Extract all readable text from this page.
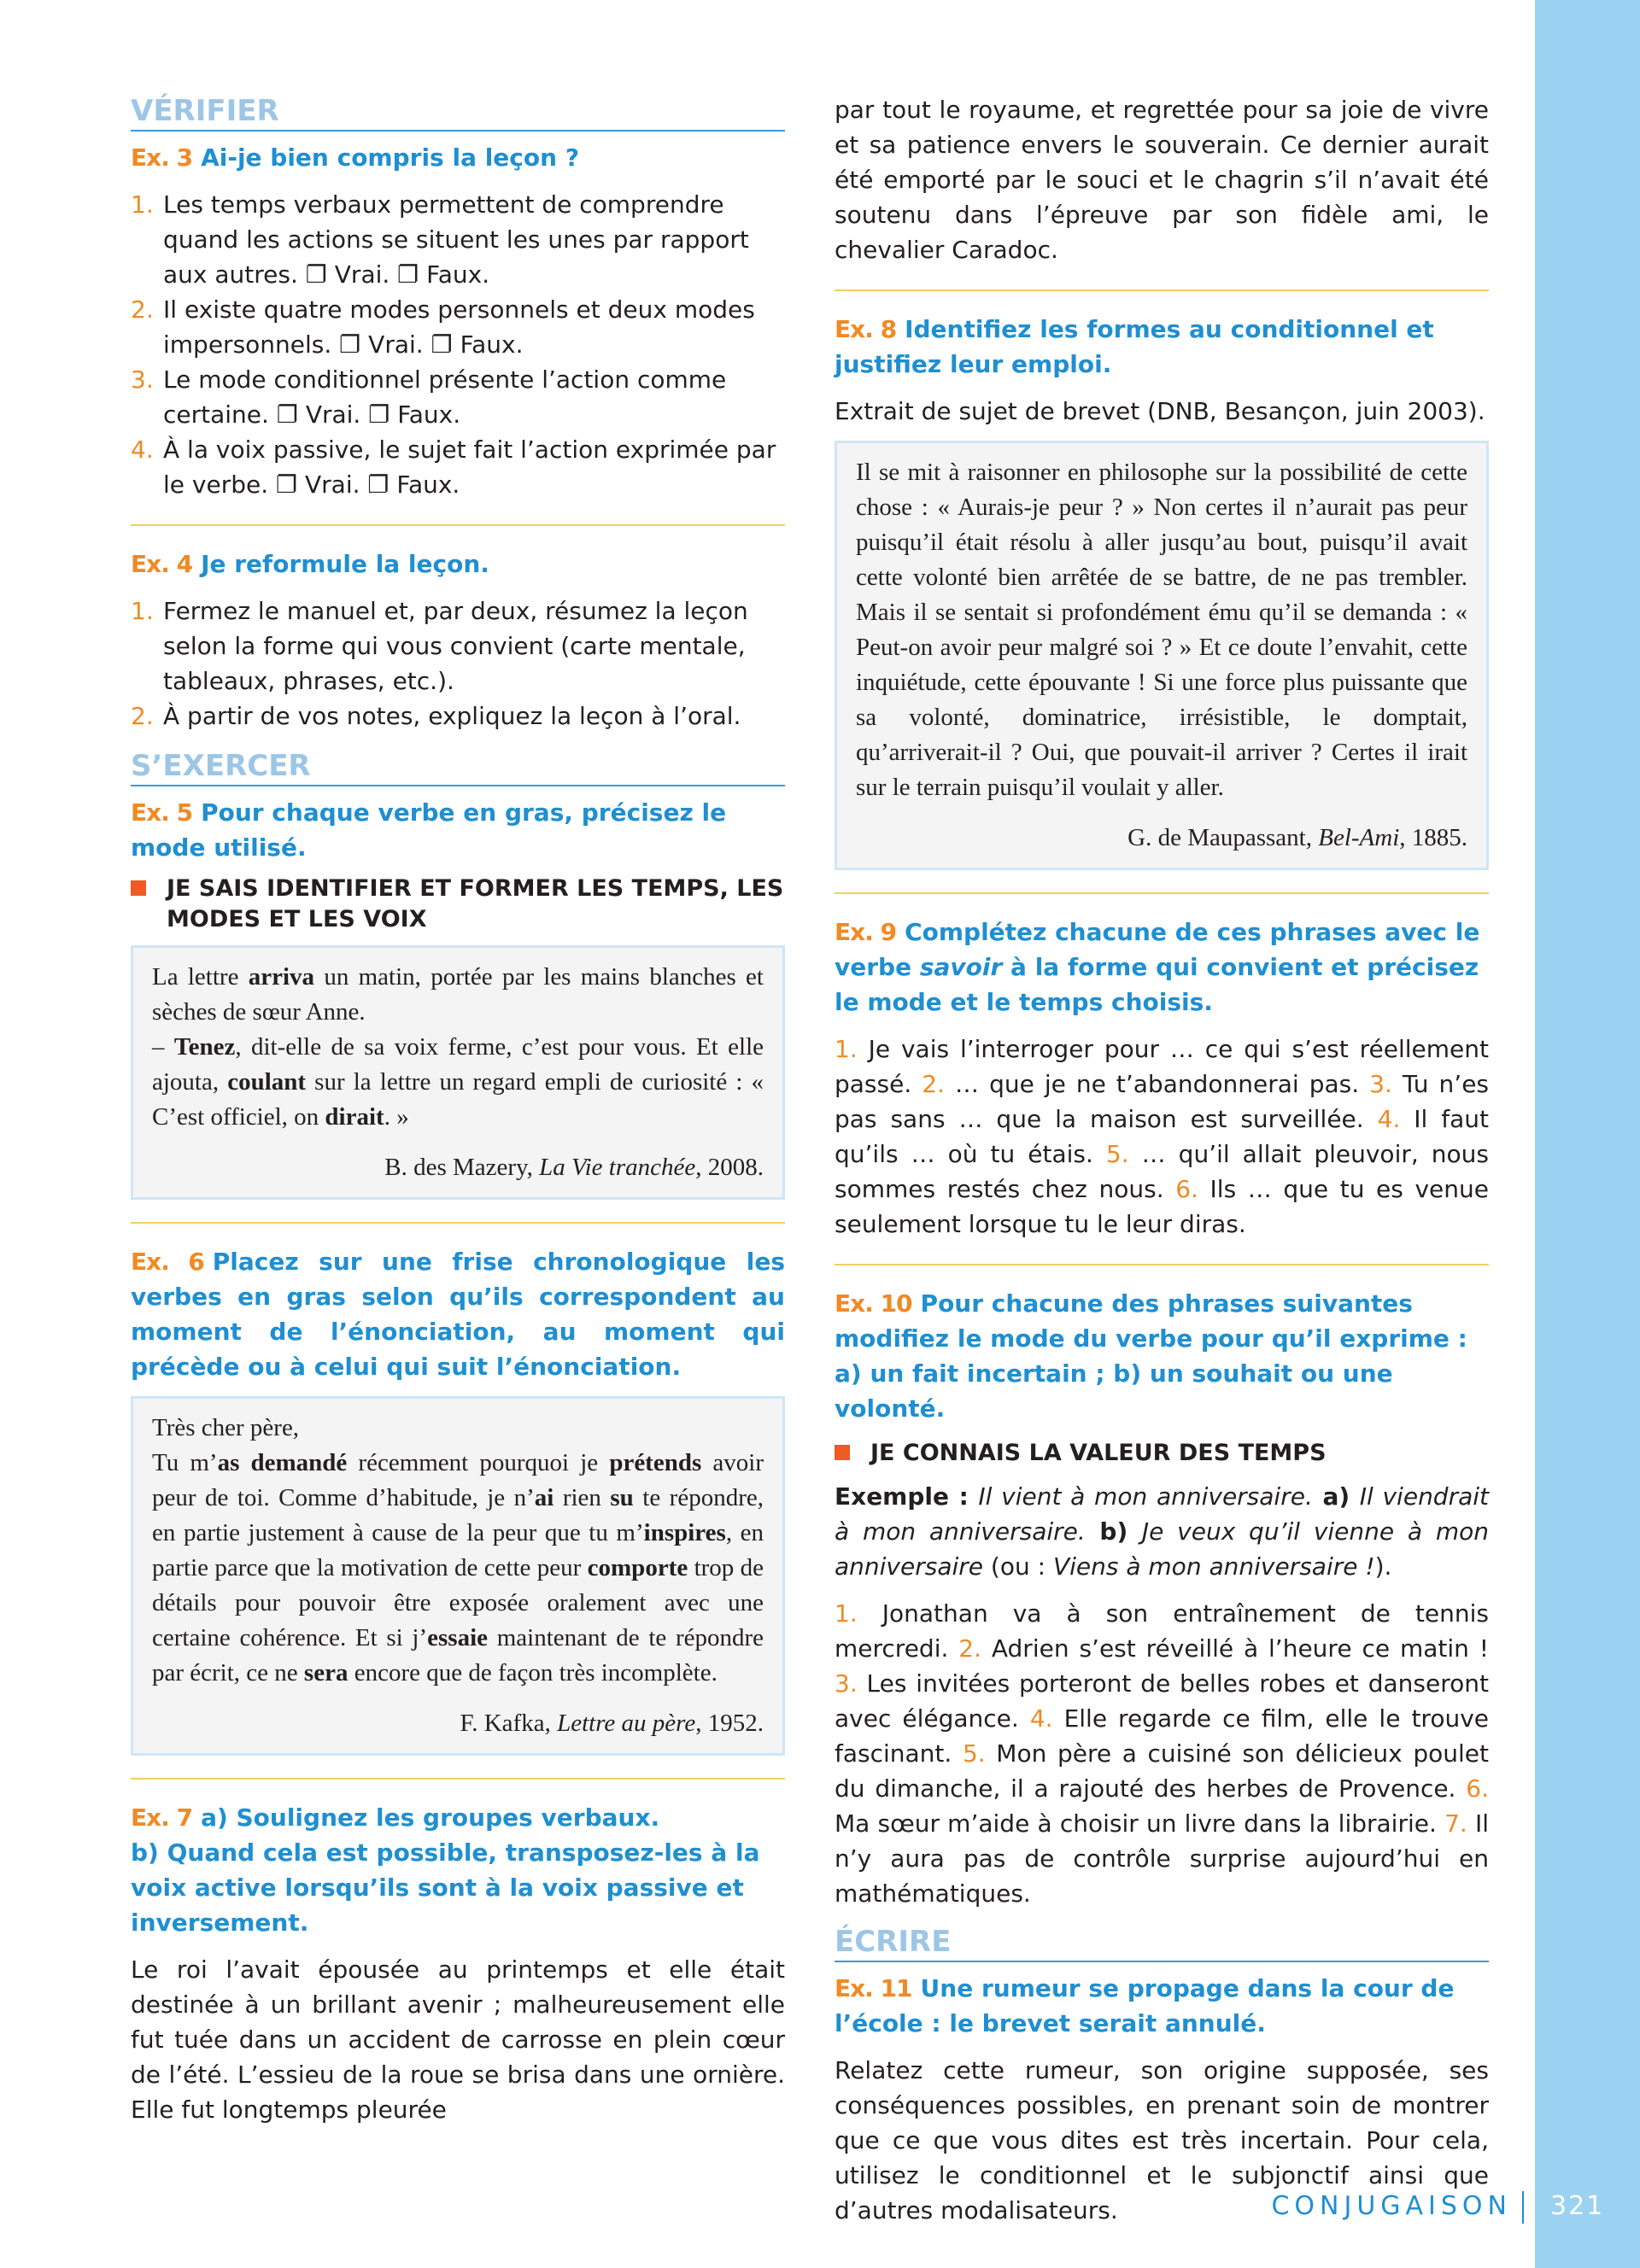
VÉRIFIER
Ex. 3 Ai-je bien compris la leçon ?
1. Les temps verbaux permettent de comprendre quand les actions se situent les unes par rapport aux autres. ❐ Vrai. ❐ Faux.
2. Il existe quatre modes personnels et deux modes impersonnels. ❐ Vrai. ❐ Faux.
3. Le mode conditionnel présente l’action comme certaine. ❐ Vrai. ❐ Faux.
4. À la voix passive, le sujet fait l’action exprimée par le verbe. ❐ Vrai. ❐ Faux.
Ex. 4 Je reformule la leçon.
1. Fermez le manuel et, par deux, résumez la leçon selon la forme qui vous convient (carte mentale, tableaux, phrases, etc.).
2. À partir de vos notes, expliquez la leçon à l’oral.
S’EXERCER
Ex. 5 Pour chaque verbe en gras, précisez le mode utilisé.
JE SAIS IDENTIFIER ET FORMER LES TEMPS, LES MODES ET LES VOIX

La lettre arriva un matin, portée par les mains blanches et sèches de sœur Anne.
– Tenez, dit-elle de sa voix ferme, c’est pour vous. Et elle ajouta, coulant sur la lettre un regard empli de curiosité : « C’est officiel, on dirait. »

B. des Mazery, La Vie tranchée, 2008.

Ex. 6 Placez sur une frise chronologique les verbes en gras selon qu’ils correspondent au moment de l’énonciation, au moment qui précède ou à celui qui suit l’énonciation.

Très cher père,

Tu m’as demandé récemment pourquoi je prétends avoir peur de toi. Comme d’habitude, je n’ai rien su te répondre, en partie justement à cause de la peur que tu m’inspires, en partie parce que la motivation de cette peur comporte trop de détails pour pouvoir être exposée oralement avec une certaine cohérence. Et si j’essaie maintenant de te répondre par écrit, ce ne sera encore que de façon très incomplète.

F. Kafka, Lettre au père, 1952.

Ex. 7 a) Soulignez les groupes verbaux.
b) Quand cela est possible, transposez-les à la voix active lorsqu’ils sont à la voix passive et inversement.

Le roi l’avait épousée au printemps et elle était destinée à un brillant avenir ; malheureusement elle fut tuée dans un accident de carrosse en plein cœur de l’été. L’essieu de la roue se brisa dans une ornière. Elle fut longtemps pleurée

par tout le royaume, et regrettée pour sa joie de vivre et sa patience envers le souverain. Ce dernier aurait été emporté par le souci et le chagrin s’il n’avait été soutenu dans l’épreuve par son fidèle ami, le chevalier Caradoc.

Ex. 8 Identifiez les formes au conditionnel et justifiez leur emploi.

Extrait de sujet de brevet (DNB, Besançon, juin 2003).

Il se mit à raisonner en philosophe sur la possibilité de cette chose : « Aurais-je peur ? » Non certes il n’aurait pas peur puisqu’il était résolu à aller jusqu’au bout, puisqu’il avait cette volonté bien arrêtée de se battre, de ne pas trembler. Mais il se sentait si profondément ému qu’il se demanda : « Peut-on avoir peur malgré soi ? » Et ce doute l’envahit, cette inquiétude, cette épouvante ! Si une force plus puissante que sa volonté, dominatrice, irrésistible, le domptait, qu’arriverait-il ? Oui, que pouvait-il arriver ? Certes il irait sur le terrain puisqu’il voulait y aller.

G. de Maupassant, Bel-Ami, 1885.

Ex. 9 Complétez chacune de ces phrases avec le verbe savoir à la forme qui convient et précisez le mode et le temps choisis.

1. Je vais l’interroger pour … ce qui s’est réellement passé. 2. … que je ne t’abandonnerai pas. 3. Tu n’es pas sans … que la maison est surveillée. 4. Il faut qu’ils … où tu étais. 5. … qu’il allait pleuvoir, nous sommes restés chez nous. 6. Ils … que tu es venue seulement lorsque tu le leur diras.

Ex. 10 Pour chacune des phrases suivantes modifiez le mode du verbe pour qu’il exprime : a) un fait incertain ; b) un souhait ou une volonté.
JE CONNAIS LA VALEUR DES TEMPS

Exemple : Il vient à mon anniversaire. a) Il viendrait à mon anniversaire. b) Je veux qu’il vienne à mon anniversaire (ou : Viens à mon anniversaire !).

1. Jonathan va à son entraînement de tennis mercredi. 2. Adrien s’est réveillé à l’heure ce matin ! 3. Les invitées porteront de belles robes et danseront avec élégance. 4. Elle regarde ce film, elle le trouve fascinant. 5. Mon père a cuisiné son délicieux poulet du dimanche, il a rajouté des herbes de Provence. 6. Ma sœur m’aide à choisir un livre dans la librairie. 7. Il n’y aura pas de contrôle surprise aujourd’hui en mathématiques.

ÉCRIRE
Ex. 11 Une rumeur se propage dans la cour de l’école : le brevet serait annulé.

Relatez cette rumeur, son origine supposée, ses conséquences possibles, en prenant soin de montrer que ce que vous dites est très incertain. Pour cela, utilisez le conditionnel et le subjonctif ainsi que d’autres modalisateurs.	CONJUGAISON 321
